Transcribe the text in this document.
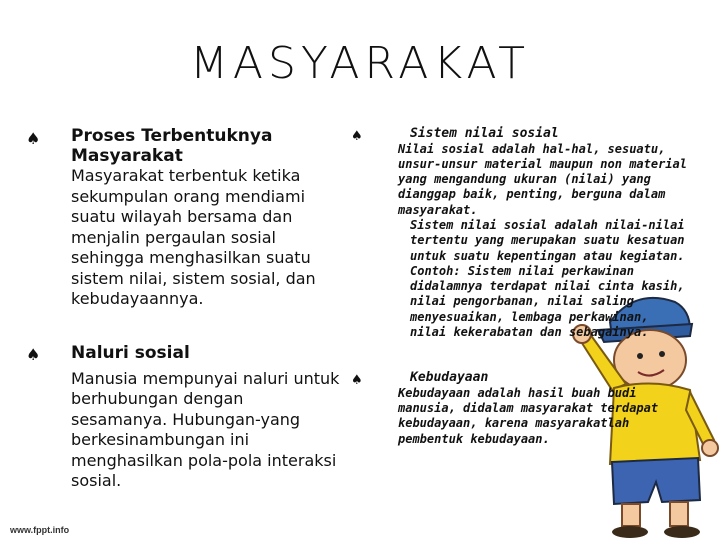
MASYARAKAT
♠ Proses Terbentuknya Masyarakat
Masyarakat terbentuk ketika sekumpulan orang mendiami suatu wilayah bersama dan menjalin pergaulan sosial sehingga menghasilkan suatu sistem nilai, sistem sosial, dan kebudayaannya.
♠ Naluri sosial
Manusia mempunyai naluri untuk berhubungan dengan sesamanya. Hubungan-yang berkesinambungan ini menghasilkan pola-pola interaksi sosial.
♠	Sistem nilai sosial

Nilai sosial adalah hal-hal, sesuatu, unsur-unsur material maupun non material yang mengandung ukuran (nilai) yang dianggap baik, penting, berguna dalam masyarakat.

Sistem nilai sosial adalah nilai-nilai tertentu yang merupakan suatu kesatuan untuk suatu kepentingan atau kegiatan. Contoh: Sistem nilai perkawinan didalamnya terdapat nilai cinta kasih, nilai pengorbanan, nilai saling menyesuaikan, lembaga perkawinan, nilai kekerabatan dan sebagainya.

♠	Kebudayaan

Kebudayaan adalah hasil buah budi manusia, didalam masyarakat terdapat kebudayaan, karena masyarakatlah pembentuk kebudayaan.

www.fppt.info
